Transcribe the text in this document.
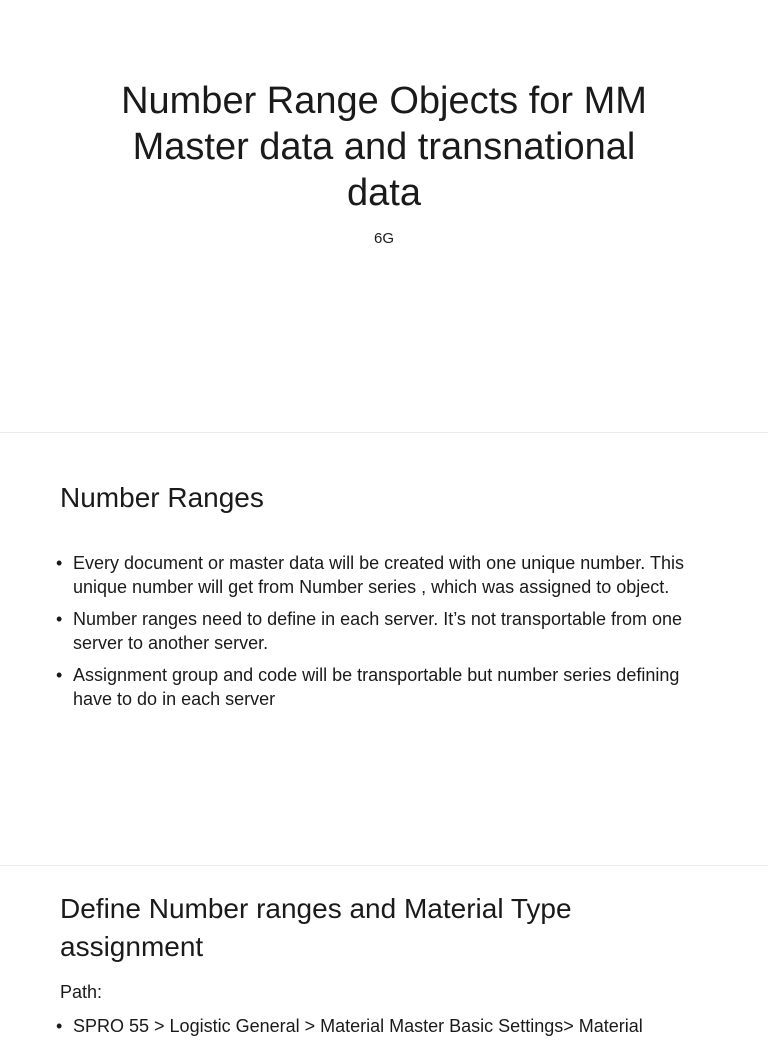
Number Range Objects for MM
Master data and transnational
data

6G

Number Ranges
• Every document or master data will be created with one unique number. This unique number will get from Number series , which was assigned to object.
• Number ranges need to define in each server. It’s not transportable from one server to another server.
• Assignment group and code will be transportable but number series defining have to do in each server
Define Number ranges and Material Type assignment

Path:

• SPRO 55 > Logistic General > Material Master Basic Settings> Material
